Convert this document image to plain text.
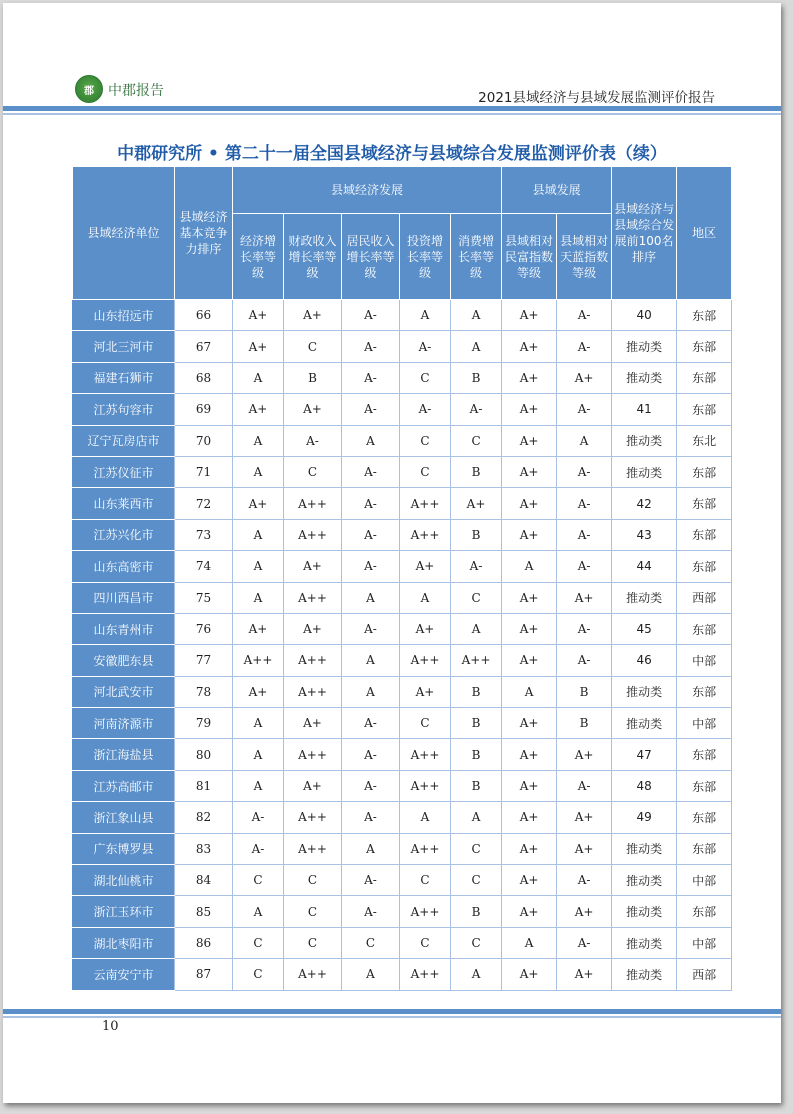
郡	中郡报告	2021县域经济与县域发展监测评价报告
中郡研究所 • 第二十一届全国县域经济与县域综合发展监测评价表（续）
县域经济单位	县域经济基本竞争力排序	县域经济发展					县域发展		县域经济与县域综合发展前100名排序	地区
		经济增长率等级	财政收入增长率等级	居民收入增长率等级	投资增长率等级	消费增长率等级	县域相对民富指数等级	县域相对天蓝指数等级		
山东招远市	66	A+	A+	A-	A	A	A+	A-	40	东部
河北三河市	67	A+	C	A-	A-	A	A+	A-	推动类	东部
福建石狮市	68	A	B	A-	C	B	A+	A+	推动类	东部
江苏句容市	69	A+	A+	A-	A-	A-	A+	A-	41	东部
辽宁瓦房店市	70	A	A-	A	C	C	A+	A	推动类	东北
江苏仪征市	71	A	C	A-	C	B	A+	A-	推动类	东部
山东莱西市	72	A+	A++	A-	A++	A+	A+	A-	42	东部
江苏兴化市	73	A	A++	A-	A++	B	A+	A-	43	东部
山东高密市	74	A	A+	A-	A+	A-	A	A-	44	东部
四川西昌市	75	A	A++	A	A	C	A+	A+	推动类	西部
山东青州市	76	A+	A+	A-	A+	A	A+	A-	45	东部
安徽肥东县	77	A++	A++	A	A++	A++	A+	A-	46	中部
河北武安市	78	A+	A++	A	A+	B	A	B	推动类	东部
河南济源市	79	A	A+	A-	C	B	A+	B	推动类	中部
浙江海盐县	80	A	A++	A-	A++	B	A+	A+	47	东部
江苏高邮市	81	A	A+	A-	A++	B	A+	A-	48	东部
浙江象山县	82	A-	A++	A-	A	A	A+	A+	49	东部
广东博罗县	83	A-	A++	A	A++	C	A+	A+	推动类	东部
湖北仙桃市	84	C	C	A-	C	C	A+	A-	推动类	中部
浙江玉环市	85	A	C	A-	A++	B	A+	A+	推动类	东部
湖北枣阳市	86	C	C	C	C	C	A	A-	推动类	中部
云南安宁市	87	C	A++	A	A++	A	A+	A+	推动类	西部
10
